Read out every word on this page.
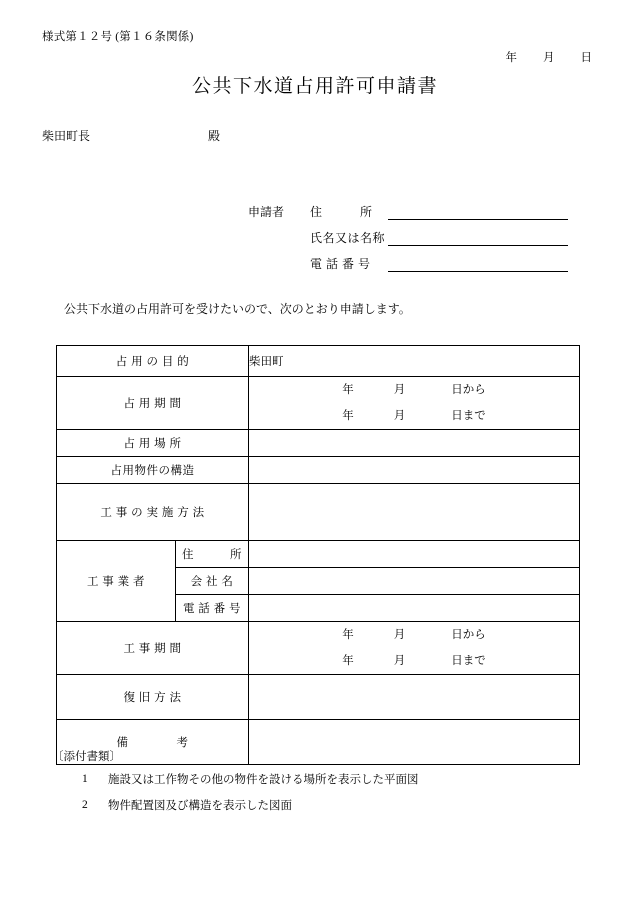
様式第１２号 (第１６条関係)
年 月 日
公共下水道占用許可申請書
柴田町長	殿
申請者	住　　　所
氏名又は名称
電 話 番 号
公共下水道の占用許可を受けたいので、次のとおり申請します。
占 用 の 目 的		柴田町
占 用 期 間		年 月 日から
年 月 日まで

占 用 場 所		
占用物件の構造		
工 事 の 実 施 方 法		
工 事 業 者	住　　　所	
	会 社 名	
	電 話 番 号	
工 事 期 間		年 月 日から
年 月 日まで

復 旧 方 法		
備　　　　考		
〔添付書類〕
1	施設又は工作物その他の物件を設ける場所を表示した平面図
2	物件配置図及び構造を表示した図面
